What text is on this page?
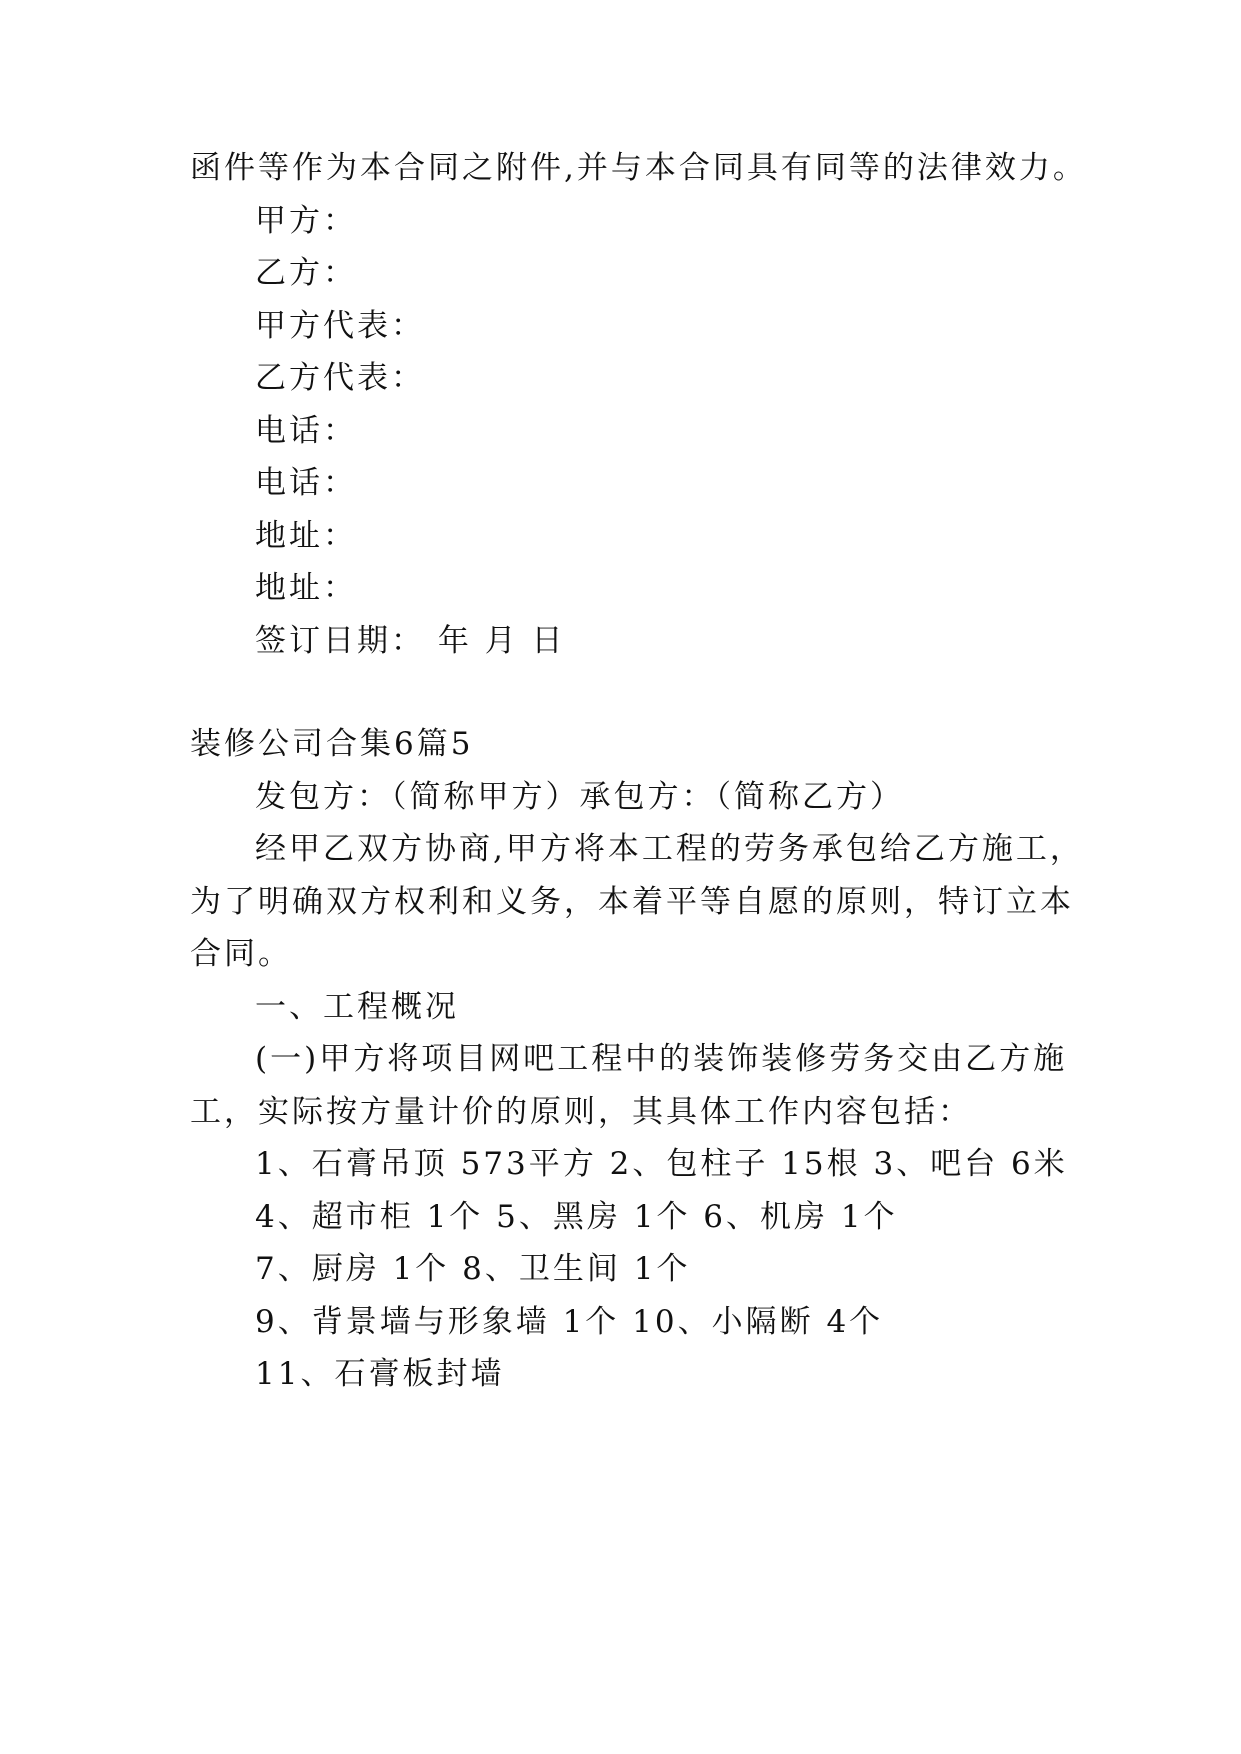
函件等作为本合同之附件,并与本合同具有同等的法律效力。
甲方：
乙方：
甲方代表：
乙方代表：
电话：
电话：
地址：
地址：
签订日期： 年 月 日
装修公司合集6篇5
发包方：（简称甲方）承包方：（简称乙方）
经甲乙双方协商,甲方将本工程的劳务承包给乙方施工，
为了明确双方权利和义务，本着平等自愿的原则，特订立本
合同。
一、工程概况
(一)甲方将项目网吧工程中的装饰装修劳务交由乙方施
工，实际按方量计价的原则，其具体工作内容包括：
1、石膏吊顶 573平方 2、包柱子 15根 3、吧台 6米
4、超市柜 1个 5、黑房 1个 6、机房 1个
7、厨房 1个 8、卫生间 1个
9、背景墙与形象墙 1个 10、小隔断 4个
11、石膏板封墙
